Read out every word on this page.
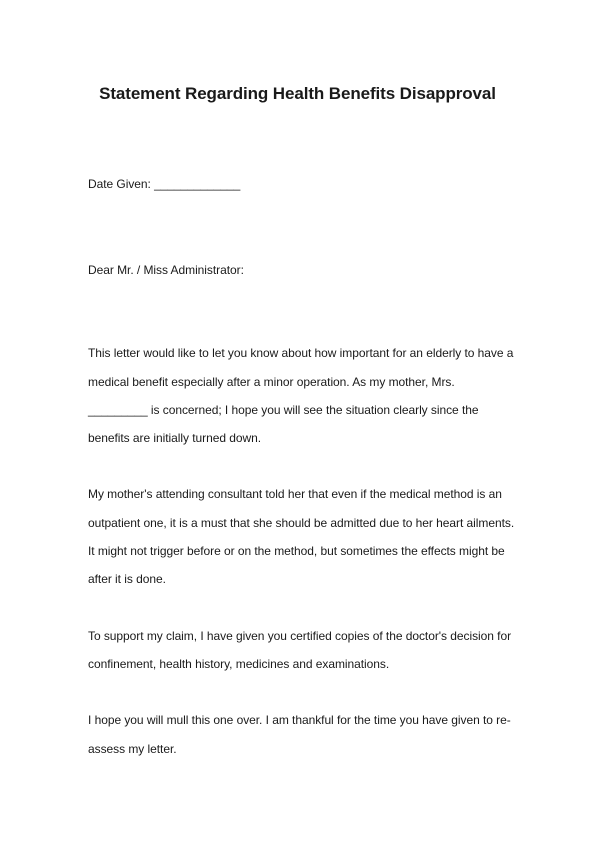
Statement Regarding Health Benefits Disapproval

Date Given: _____________

Dear Mr. / Miss Administrator:

This letter would like to let you know about how important for an elderly to have a

medical benefit especially after a minor operation. As my mother, Mrs.

_________ is concerned; I hope you will see the situation clearly since the

benefits are initially turned down.

My mother's attending consultant told her that even if the medical method is an

outpatient one, it is a must that she should be admitted due to her heart ailments.

It might not trigger before or on the method, but sometimes the effects might be

after it is done.

To support my claim, I have given you certified copies of the doctor's decision for

confinement, health history, medicines and examinations.

I hope you will mull this one over. I am thankful for the time you have given to re-

assess my letter.
